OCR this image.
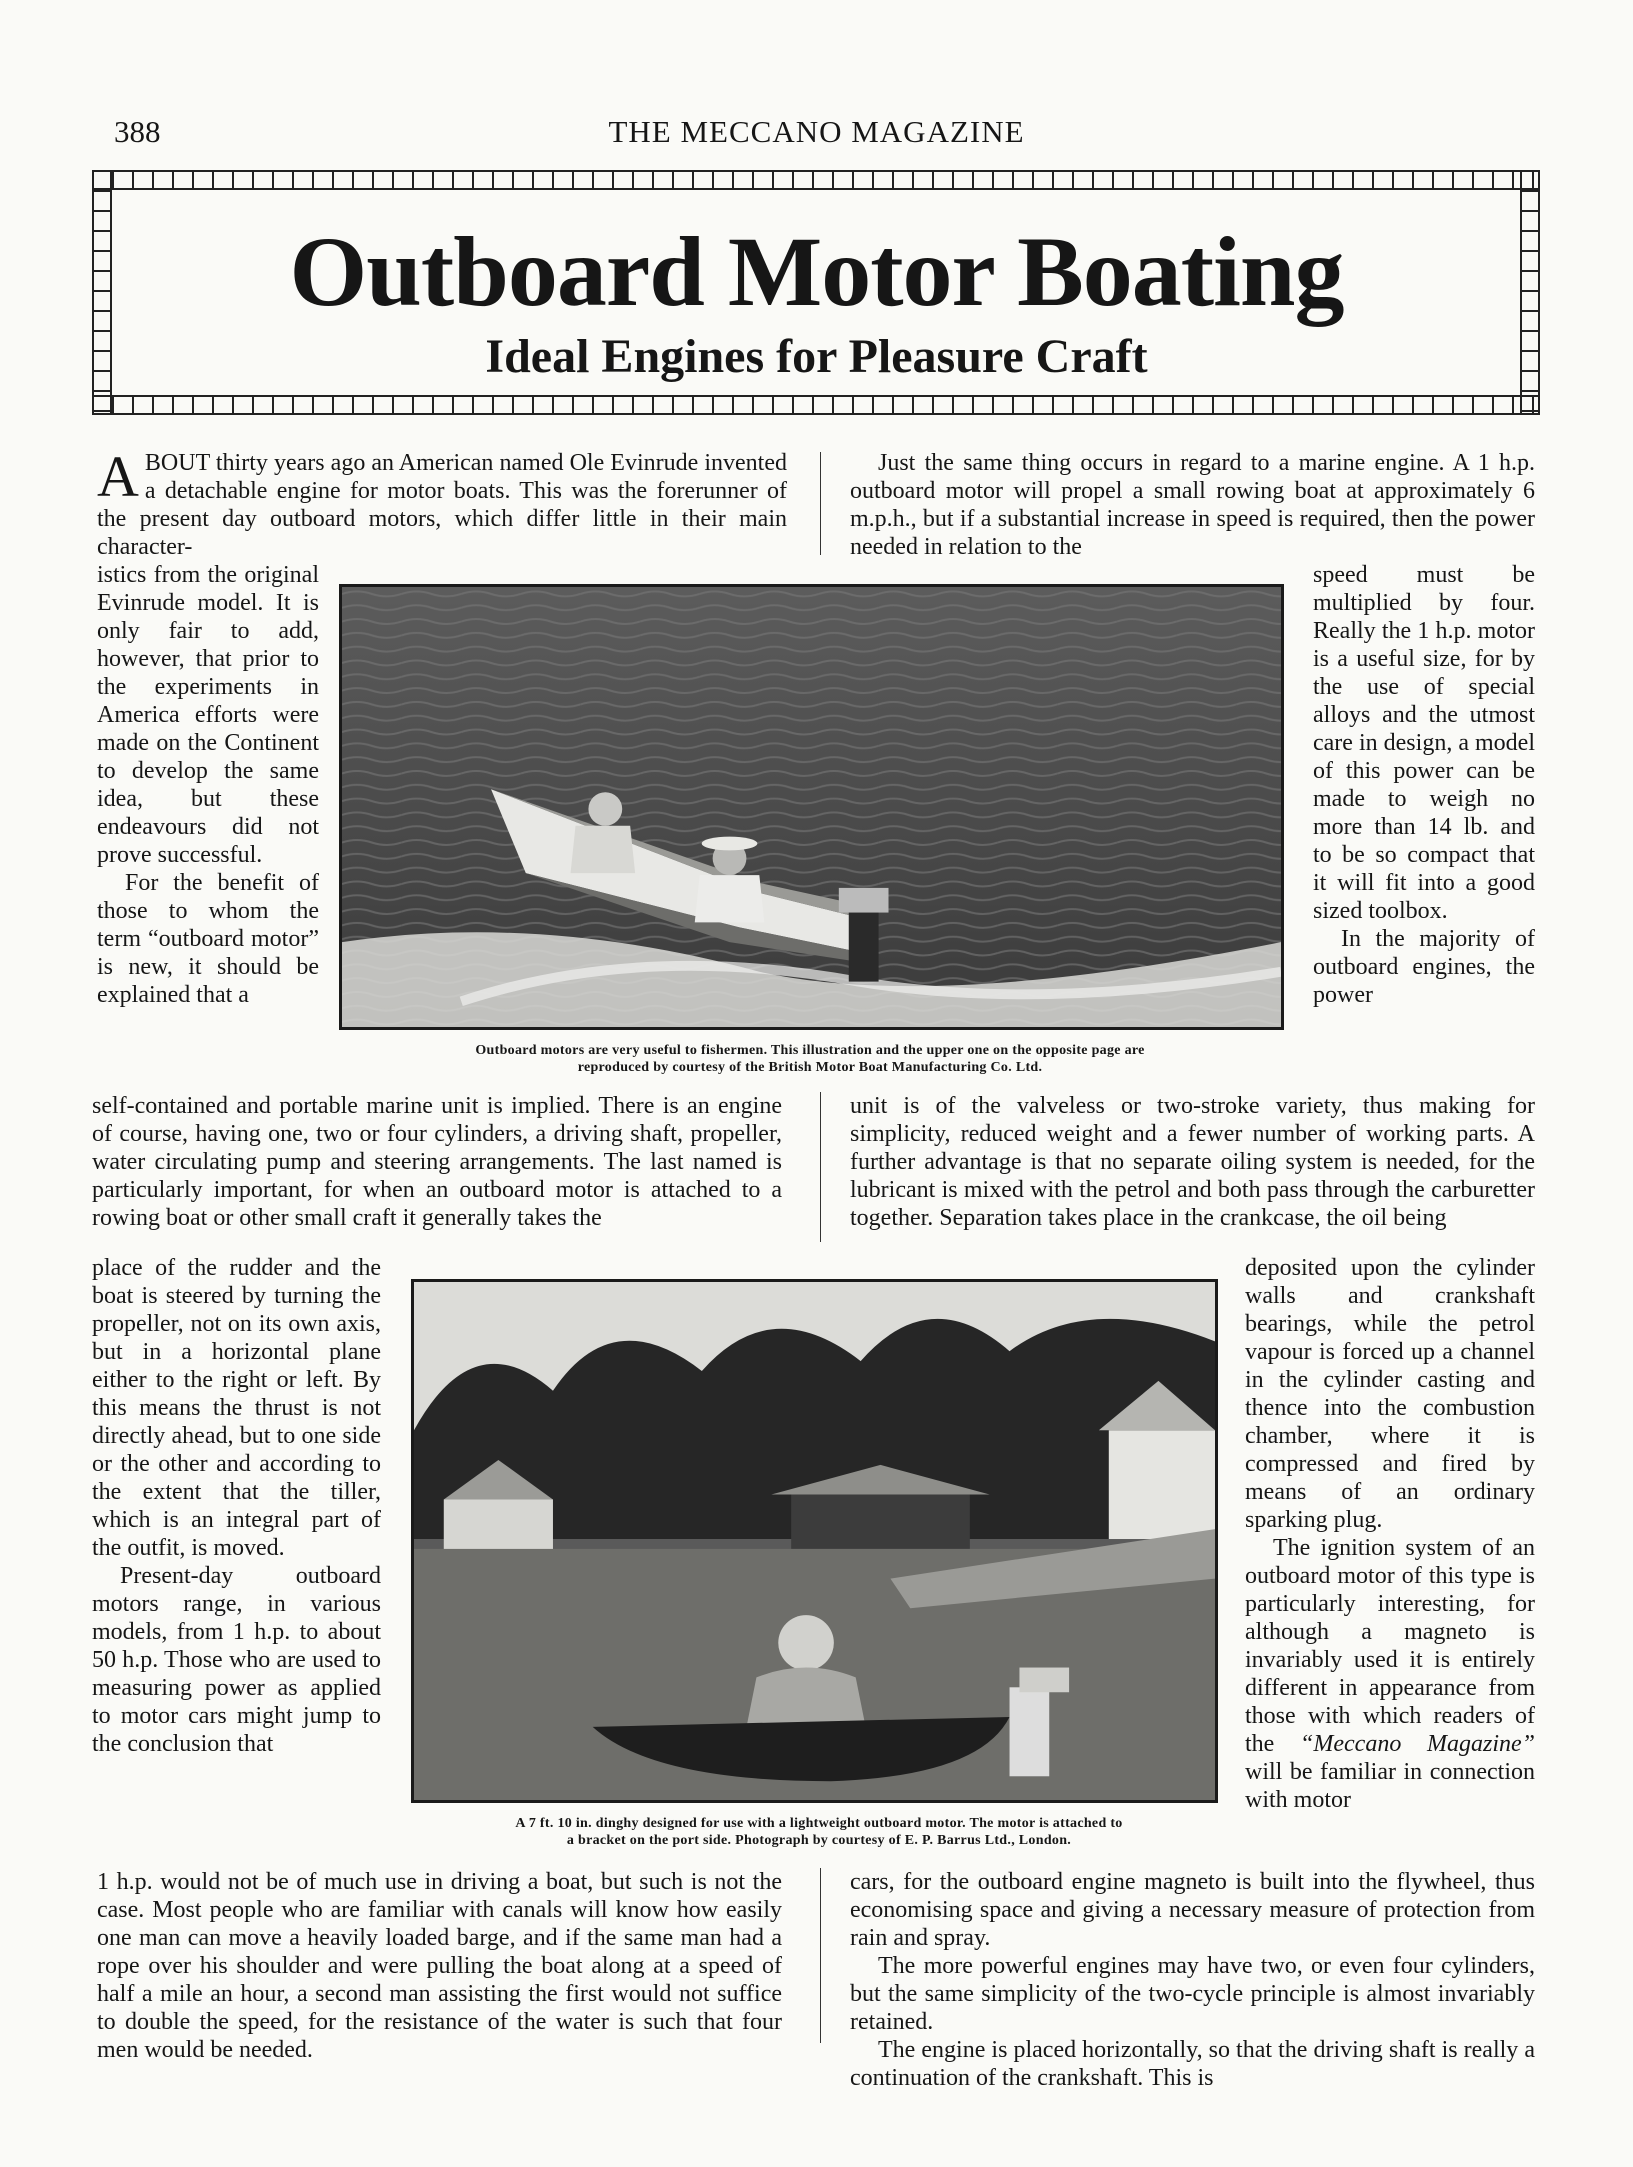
388	THE MECCANO MAGAZINE
Outboard Motor Boating
Ideal Engines for Pleasure Craft

ABOUT thirty years ago an American named Ole Evinrude invented a detachable engine for motor boats. This was the forerunner of the present day outboard motors, which differ little in their main character-

istics from the original Evinrude model. It is only fair to add, however, that prior to the experiments in America efforts were made on the Continent to develop the same idea, but these endeavours did not prove successful.

For the benefit of those to whom the term “outboard motor” is new, it should be explained that a

self-contained and portable marine unit is implied. There is an engine of course, having one, two or four cylinders, a driving shaft, propeller, water circulating pump and steering arrangements. The last named is particularly important, for when an outboard motor is attached to a rowing boat or other small craft it generally takes the

place of the rudder and the boat is steered by turning the propeller, not on its own axis, but in a horizontal plane either to the right or left. By this means the thrust is not directly ahead, but to one side or the other and according to the extent that the tiller, which is an integral part of the outfit, is moved.

Present-day outboard motors range, in various models, from 1 h.p. to about 50 h.p. Those who are used to measuring power as applied to motor cars might jump to the conclusion that

1 h.p. would not be of much use in driving a boat, but such is not the case. Most people who are familiar with canals will know how easily one man can move a heavily loaded barge, and if the same man had a rope over his shoulder and were pulling the boat along at a speed of half a mile an hour, a second man assisting the first would not suffice to double the speed, for the resistance of the water is such that four men would be needed.

Just the same thing occurs in regard to a marine engine. A 1 h.p. outboard motor will propel a small rowing boat at approximately 6 m.p.h., but if a substantial increase in speed is required, then the power needed in relation to the

speed must be multiplied by four. Really the 1 h.p. motor is a useful size, for by the use of special alloys and the utmost care in design, a model of this power can be made to weigh no more than 14 lb. and to be so compact that it will fit into a good sized toolbox.

In the majority of outboard engines, the power

unit is of the valveless or two-stroke variety, thus making for simplicity, reduced weight and a fewer number of working parts. A further advantage is that no separate oiling system is needed, for the lubricant is mixed with the petrol and both pass through the carburetter together. Separation takes place in the crankcase, the oil being

deposited upon the cylinder walls and crankshaft bearings, while the petrol vapour is forced up a channel in the cylinder casting and thence into the combustion chamber, where it is compressed and fired by means of an ordinary sparking plug.

The ignition system of an outboard motor of this type is particularly interesting, for although a magneto is invariably used it is entirely different in appearance from those with which readers of the “Meccano Magazine” will be familiar in connection with motor

cars, for the outboard engine magneto is built into the flywheel, thus economising space and giving a necessary measure of protection from rain and spray.

The more powerful engines may have two, or even four cylinders, but the same simplicity of the two-cycle principle is almost invariably retained.

The engine is placed horizontally, so that the driving shaft is really a continuation of the crankshaft. This is

Outboard motors are very useful to fishermen. This illustration and the upper one on the opposite page are
reproduced by courtesy of the British Motor Boat Manufacturing Co. Ltd.
A 7 ft. 10 in. dinghy designed for use with a lightweight outboard motor. The motor is attached to
a bracket on the port side. Photograph by courtesy of E. P. Barrus Ltd., London.
